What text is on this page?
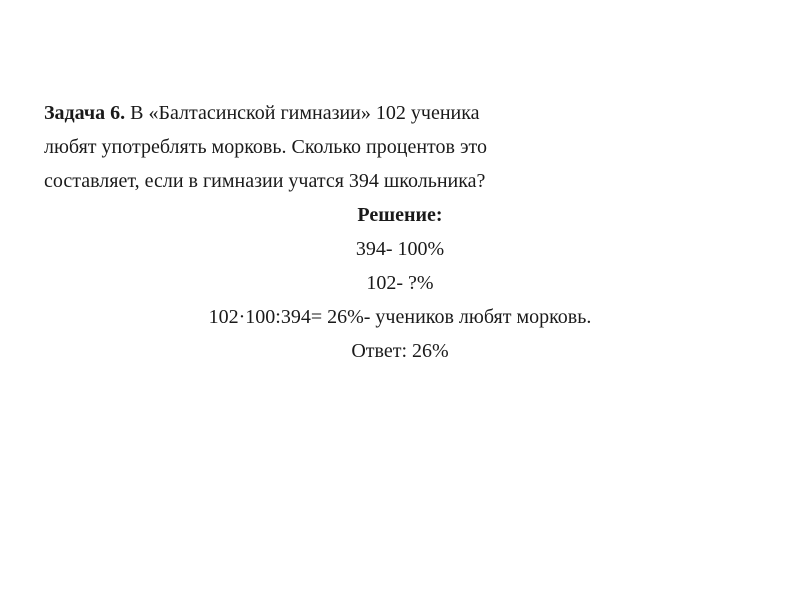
Задача 6. В «Балтасинской гимназии» 102 ученика
любят употреблять морковь. Сколько процентов это
составляет, если в гимназии учатся 394 школьника?
Решение:
394- 100%
102- ?%
102·100:394= 26%- учеников любят морковь.
Ответ: 26%
